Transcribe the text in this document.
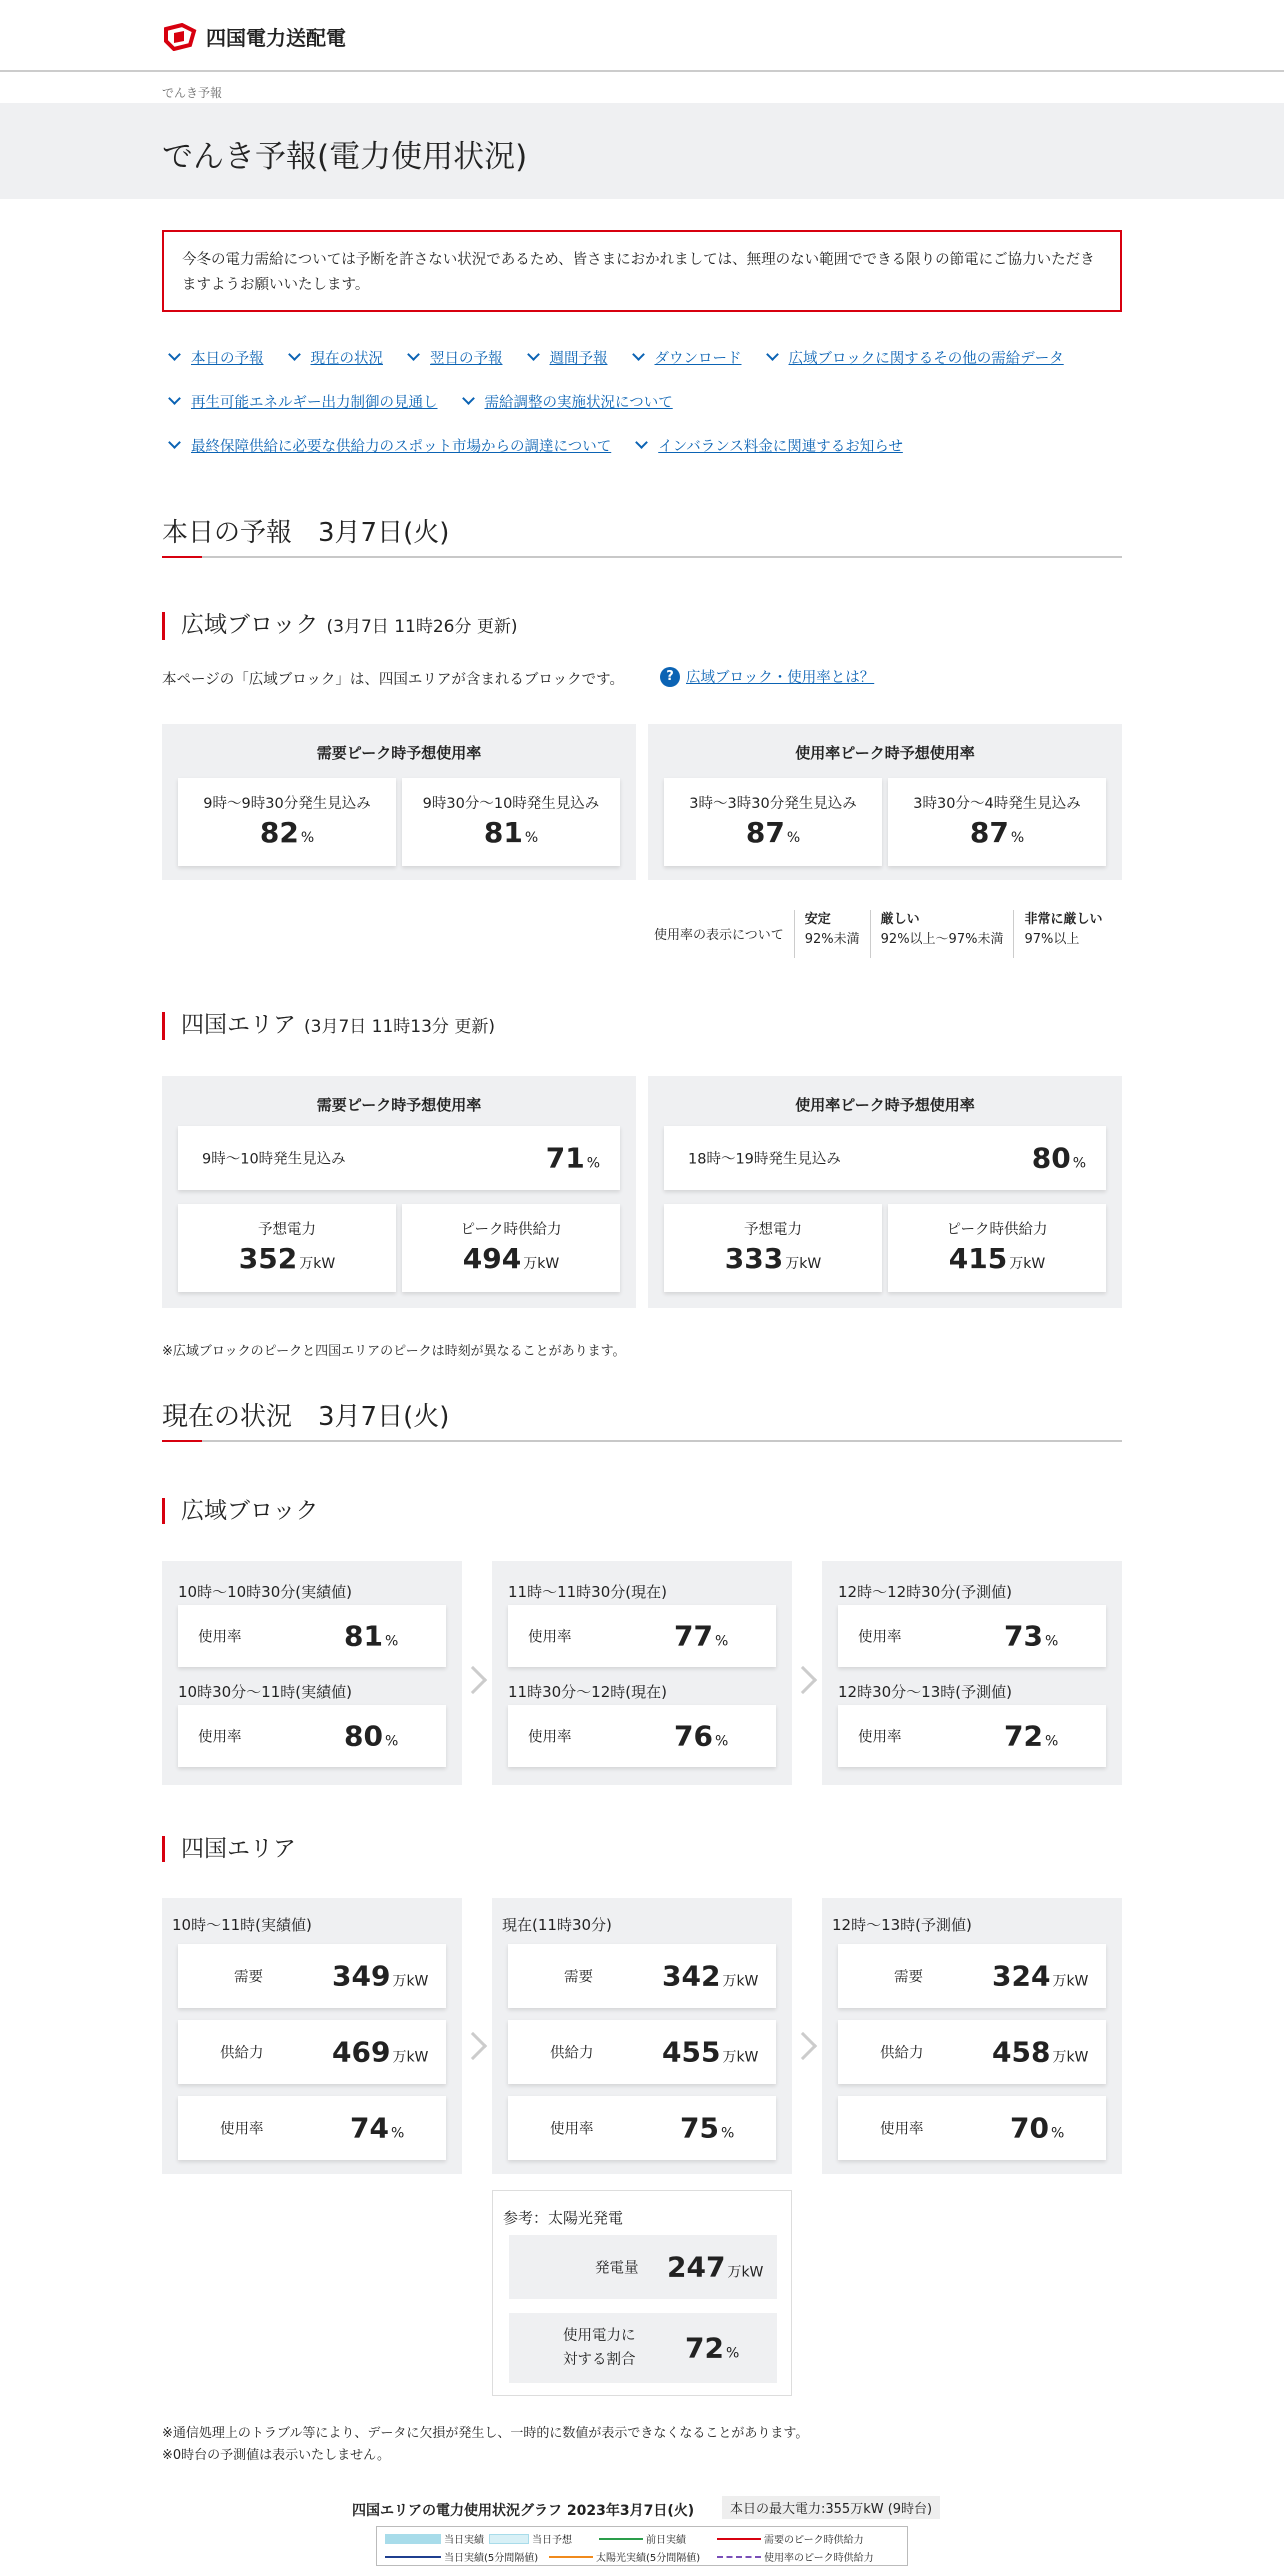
四国電力送配電
でんき予報
でんき予報(電力使用状況)
今冬の電力需給については予断を許さない状況であるため、皆さまにおかれましては、無理のない範囲でできる限りの節電にご協力いただきますようお願いいたします。
本日の予報	現在の状況	翌日の予報	週間予報	ダウンロード	広域ブロックに関するその他の需給データ
再生可能エネルギー出力制御の見通し	需給調整の実施状況について
最終保障供給に必要な供給力のスポット市場からの調達について	インバランス料金に関連するお知らせ
本日の予報　3月7日(火)
広域ブロック (3月7日 11時26分 更新)
本ページの「広域ブロック」は、四国エリアが含まれるブロックです。	? 広域ブロック・使用率とは？
需要ピーク時予想使用率
9時〜9時30分発生見込み
82 %
9時30分〜10時発生見込み
81 %
使用率ピーク時予想使用率
3時〜3時30分発生見込み
87 %
3時30分〜4時発生見込み
87 %
使用率の表示について
安定
92%未満
厳しい
92%以上〜97%未満
非常に厳しい
97%以上
四国エリア (3月7日 11時13分 更新)
需要ピーク時予想使用率
9時〜10時発生見込み	71 %
予想電力
352 万kW
ピーク時供給力
494 万kW
使用率ピーク時予想使用率
18時〜19時発生見込み	80 %
予想電力
333 万kW
ピーク時供給力
415 万kW
※広域ブロックのピークと四国エリアのピークは時刻が異なることがあります。
現在の状況　3月7日(火)
広域ブロック
10時〜10時30分(実績値)
使用率	81 %
10時30分〜11時(実績値)
使用率	80 %
11時〜11時30分(現在)
使用率	77 %
11時30分〜12時(現在)
使用率	76 %
12時〜12時30分(予測値)
使用率	73 %
12時30分〜13時(予測値)
使用率	72 %
四国エリア
10時〜11時(実績値)
需要 349 万kW
供給力 469 万kW
使用率	74 %
現在(11時30分)
需要 342 万kW
供給力 455 万kW
使用率	75 %
12時〜13時(予測値)
需要 324 万kW
供給力 458 万kW
使用率	70 %
参考：太陽光発電
発電量 247 万kW
使用電力に
対する割合 72 %
※通信処理上のトラブル等により、データに欠損が発生し、一時的に数値が表示できなくなることがあります。
※0時台の予測値は表示いたしません。
四国エリアの電力使用状況グラフ 2023年3月7日(火)	本日の最大電力:355万kW (9時台)
当日実績	当日予想	前日実績	需要のピーク時供給力
当日実績(5分間隔値)	太陽光実績(5分間隔値)	使用率のピーク時供給力
